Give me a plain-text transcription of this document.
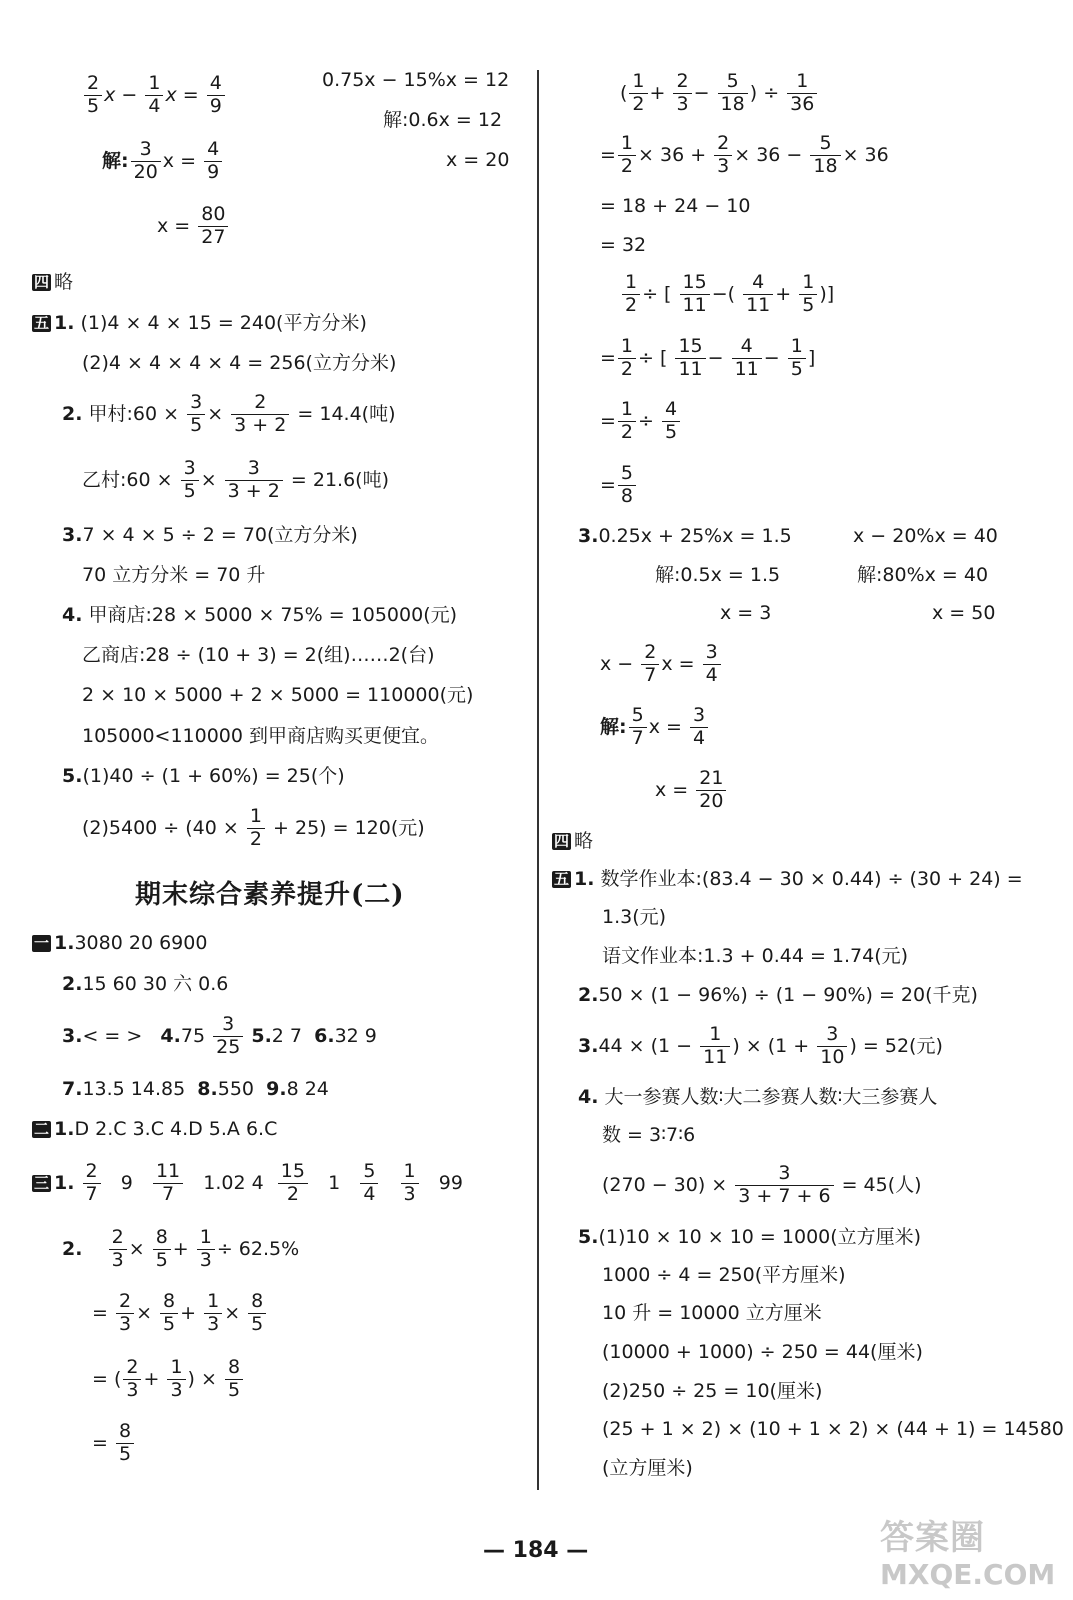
$\frac{2}{5}$ $x - \frac{1}{4}$ $x = \frac{4}{9}$
解: $\frac{3}{20}$ $x = \frac{4}{9}$
$x = \frac{80}{27}$
0.75x − 15%x = 12
解:0.6x = 12
x = 20
四 略
五 1. (1)4 × 4 × 15 = 240(平方分米)
(2)4 × 4 × 4 × 4 = 256(立方分米)
2. 甲村:60 × $\frac{3}{5} \times \frac{2}{3 + 2} = 14.4$(吨)
乙村:60 × $\frac{3}{5} \times \frac{3}{3 + 2} = 21.6$(吨)
3.7 × 4 × 5 ÷ 2 = 70(立方分米)
70 立方分米 = 70 升
4. 甲商店:28 × 5000 × 75% = 105000(元)
乙商店:28 ÷ (10 + 3) = 2(组)……2(台)
2 × 10 × 5000 + 2 × 5000 = 110000(元)
105000<110000 到甲商店购买更便宜。
5.(1)40 ÷ (1 + 60%) = 25(个)
$(2)5400 \div (40 \times \frac{1}{2} + 25) = 120$(元)
期末综合素养提升(二)
一 1.3080 20 6900
2.15 60 30 六 0.6
3.< = > $4.75 \frac{3}{25} 5.2$ 7 6.32 9
7.13.5 14.85 8.550 9.8 24
二 1.D 2.C 3.C 4.D 5.A 6.C
三 1. $\frac{2}{7} 9 \frac{11}{7} 1.02$ $4 \frac{15}{2} 1 \frac{5}{4}$
$\frac{1}{3} 99$
2. $\frac{2}{3} \times \frac{8}{5} + \frac{1}{3} \div 62.5\%$
= $\frac{2}{3} \times \frac{8}{5} + \frac{1}{3} \times \frac{8}{5}$
= ( $\frac{2}{3} + \frac{1}{3}$ ) × $\frac{8}{5}$
= $\frac{8}{5}$
( $\frac{1}{2} + \frac{2}{3} - \frac{5}{18}$ ) ÷ $\frac{1}{36}$
= $\frac{1}{2} \times 36 + \frac{2}{3} \times 36 - \frac{5}{18} \times 36$
= 18 + 24 − 10
= 32
$\frac{1}{2}$ ÷ [ $\frac{15}{11}$ −( $\frac{4}{11} + \frac{1}{5}$ )]
= $\frac{1}{2}$ ÷ [ $\frac{15}{11} - \frac{4}{11} - \frac{1}{5}$ ]
= $\frac{1}{2} \div \frac{4}{5}$
= $\frac{5}{8}$
3.0.25x + 25%x = 1.5
解:0.5x = 1.5
x = 3
x − 20%x = 40
解:80%x = 40
x = 50
$x - \frac{2}{7}$ $x = \frac{3}{4}$
解: $\frac{5}{7}$ $x = \frac{3}{4}$
$x = \frac{21}{20}$
四 略
五 1. 数学作业本:(83.4 − 30 × 0.44) ÷ (30 + 24) =
1.3(元)
语文作业本:1.3 + 0.44 = 1.74(元)
2.50 × (1 − 96%) ÷ (1 − 90%) = 20(千克)
$3.44 \times (1 - \frac{1}{11}$ ) × ($1 + \frac{3}{10}$ ) = 52(元)
4. 大一参赛人数∶大二参赛人数∶大三参赛人
数 = 3∶7∶6
$(270 - 30) \times \frac{3}{3 + 7 + 6} = 45$(人)
5.(1)10 × 10 × 10 = 1000(立方厘米)
1000 ÷ 4 = 250(平方厘米)
10 升 = 10000 立方厘米
(10000 + 1000) ÷ 250 = 44(厘米)
(2)250 ÷ 25 = 10(厘米)
(25 + 1 × 2) × (10 + 1 × 2) × (44 + 1) = 14580
(立方厘米)
— 184 —	答案圈
MXQE.COM
